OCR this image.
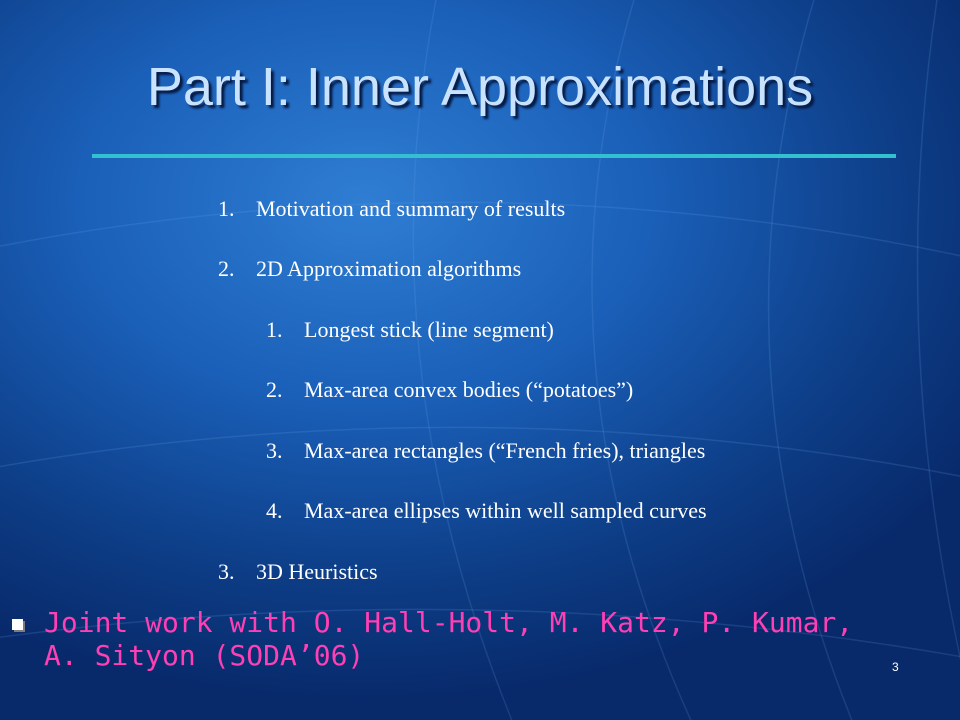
Part I: Inner Approximations
1. Motivation and summary of results
2. 2D Approximation algorithms
1. Longest stick (line segment)
2. Max-area convex bodies (“potatoes”)
3. Max-area rectangles (“French fries), triangles
4. Max-area ellipses within well sampled curves
3. 3D Heuristics
Joint work with O. Hall-Holt, M. Katz, P. Kumar,
A. Sityon (SODA’06)	3
